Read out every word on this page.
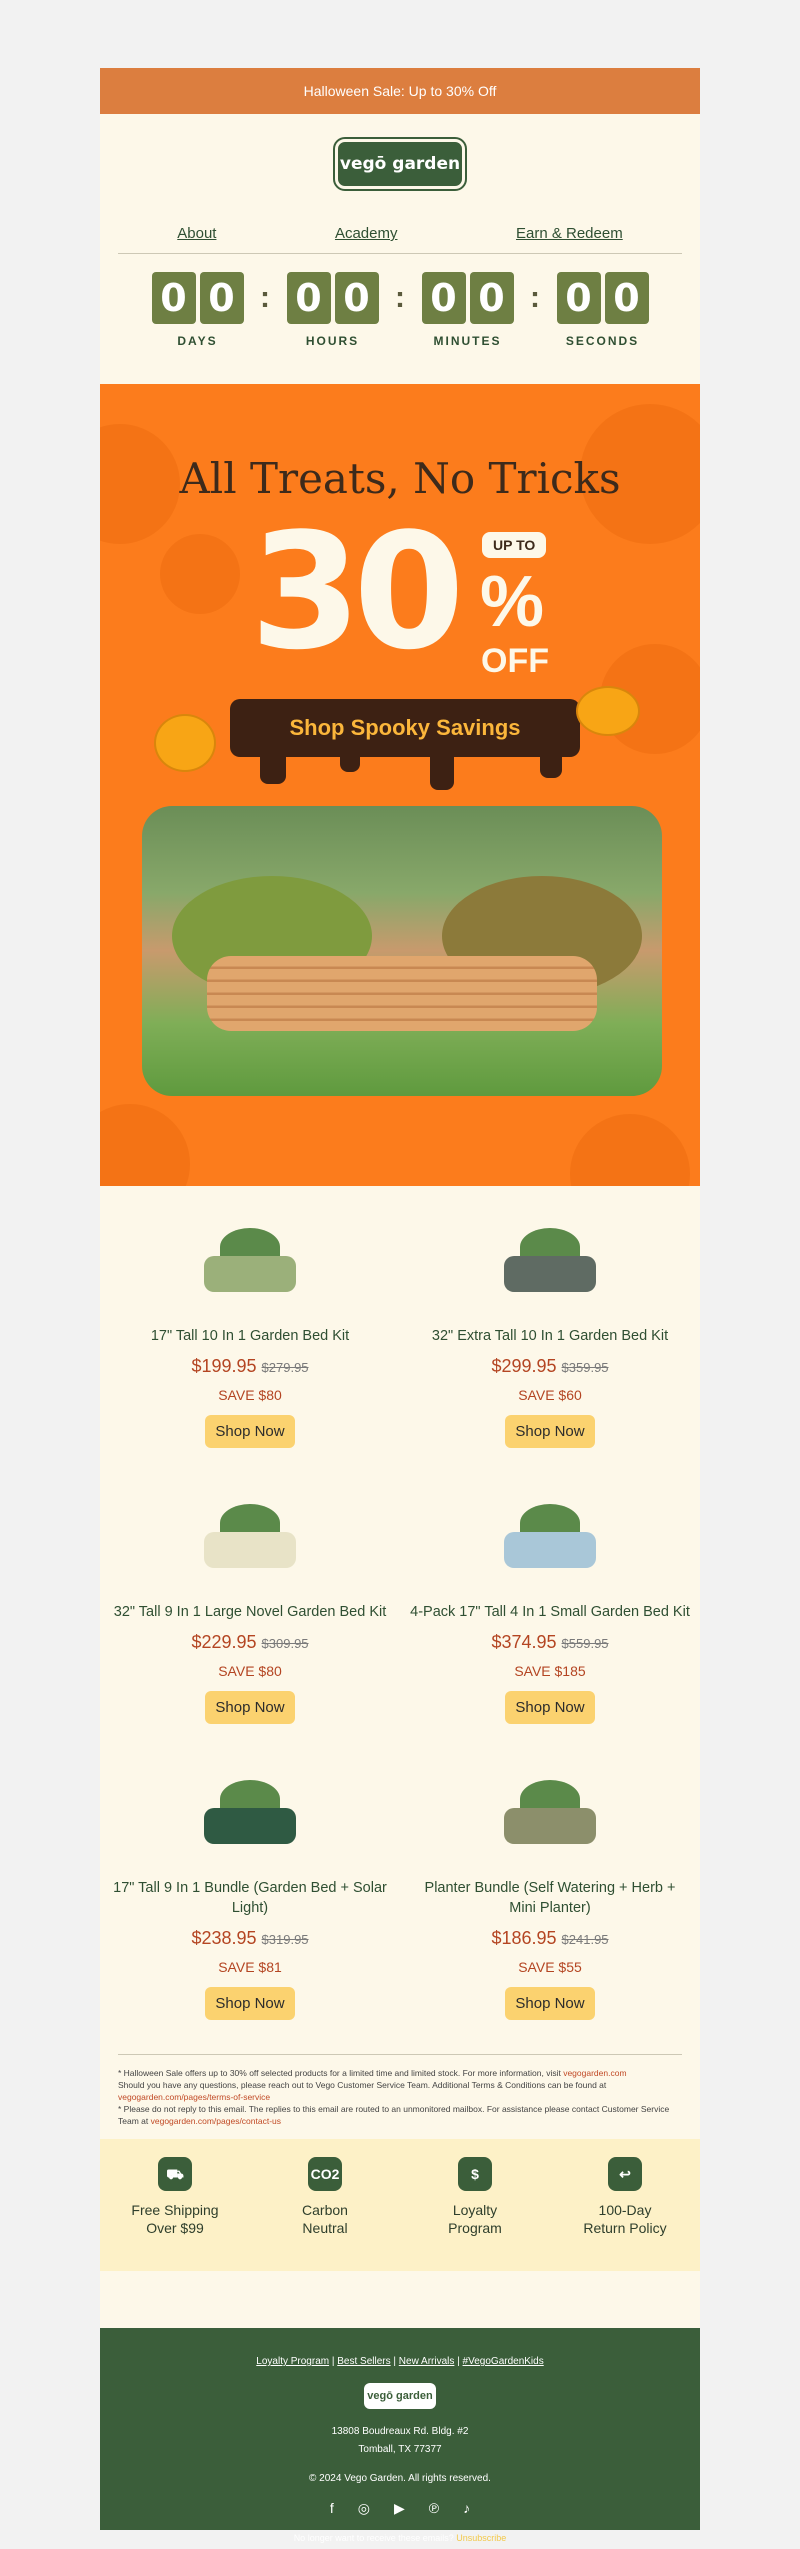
Halloween Sale: Up to 30% Off
vegō garden
About	Academy	Earn & Redeem
0 0
DAYS
: 0 0
HOURS
: 0 0
MINUTES
: 0 0
SECONDS
All Treats, No Tricks
30	UP TO
%
OFF
Shop Spooky Savings
17" Tall 10 In 1 Garden Bed Kit
$199.95 $279.95
SAVE $80
Shop Now
32" Extra Tall 10 In 1 Garden Bed Kit
$299.95 $359.95
SAVE $60
Shop Now
32" Tall 9 In 1 Large Novel Garden Bed Kit
$229.95 $309.95
SAVE $80
Shop Now
4-Pack 17" Tall 4 In 1 Small Garden Bed Kit
$374.95 $559.95
SAVE $185
Shop Now
17" Tall 9 In 1 Bundle (Garden Bed + Solar Light)
$238.95 $319.95
SAVE $81
Shop Now
Planter Bundle (Self Watering + Herb + Mini Planter)
$186.95 $241.95
SAVE $55
Shop Now
* Halloween Sale offers up to 30% off selected products for a limited time and limited stock. For more information, visit vegogarden.com
Should you have any questions, please reach out to Vego Customer Service Team. Additional Terms & Conditions can be found at
vegogarden.com/pages/terms-of-service
* Please do not reply to this email. The replies to this email are routed to an unmonitored mailbox. For assistance please contact Customer Service Team at vegogarden.com/pages/contact-us
⛟
Free Shipping
Over $99
CO2
Carbon
Neutral
$
Loyalty
Program
↩
100-Day
Return Policy
Loyalty Program | Best Sellers | New Arrivals | #VegoGardenKids
vegō garden
13808 Boudreaux Rd. Bldg. #2
Tomball, TX 77377
© 2024 Vego Garden. All rights reserved.
f ◎ ▶ ℗ ♪
No longer want to receive these emails? Unsubscribe
